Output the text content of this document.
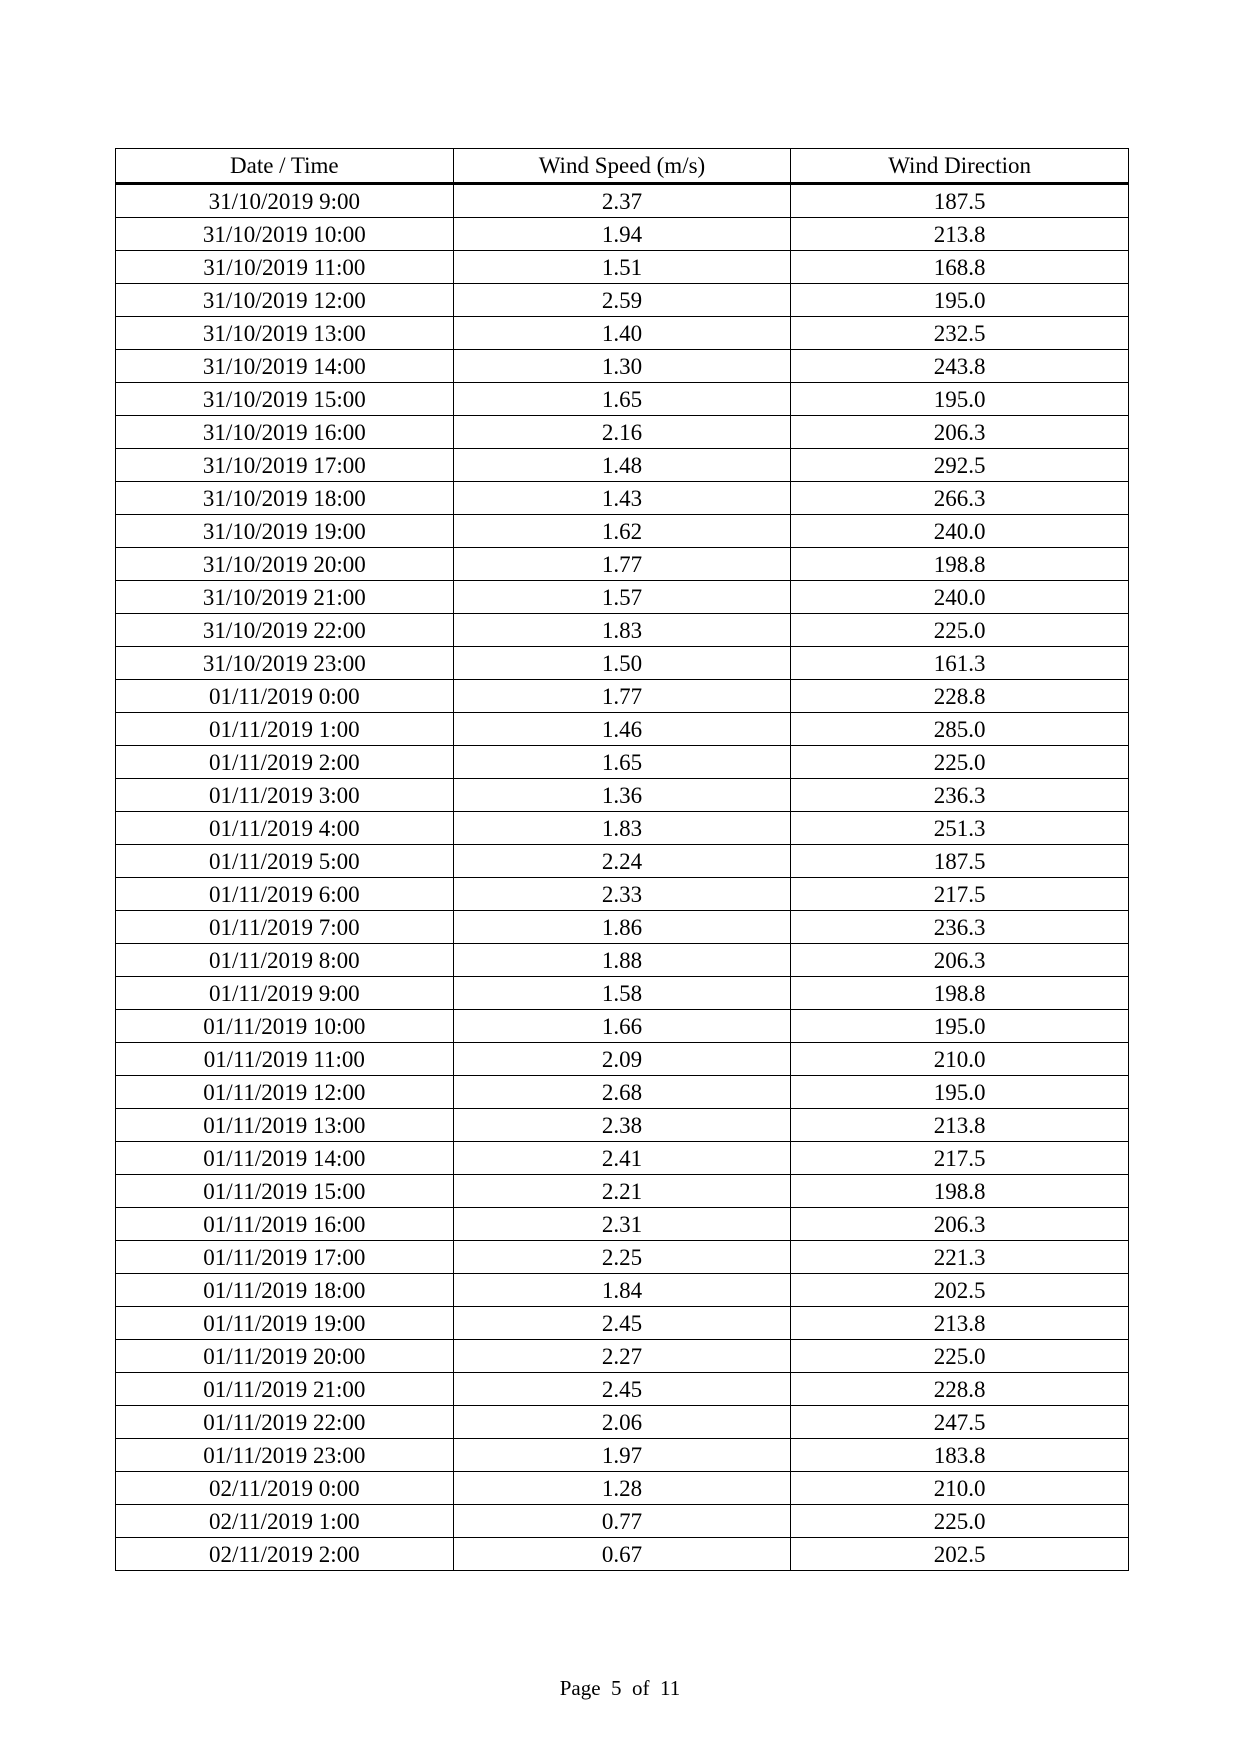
Date / Time	Wind Speed (m/s)	Wind Direction
31/10/2019 9:00	2.37	187.5
31/10/2019 10:00	1.94	213.8
31/10/2019 11:00	1.51	168.8
31/10/2019 12:00	2.59	195.0
31/10/2019 13:00	1.40	232.5
31/10/2019 14:00	1.30	243.8
31/10/2019 15:00	1.65	195.0
31/10/2019 16:00	2.16	206.3
31/10/2019 17:00	1.48	292.5
31/10/2019 18:00	1.43	266.3
31/10/2019 19:00	1.62	240.0
31/10/2019 20:00	1.77	198.8
31/10/2019 21:00	1.57	240.0
31/10/2019 22:00	1.83	225.0
31/10/2019 23:00	1.50	161.3
01/11/2019 0:00	1.77	228.8
01/11/2019 1:00	1.46	285.0
01/11/2019 2:00	1.65	225.0
01/11/2019 3:00	1.36	236.3
01/11/2019 4:00	1.83	251.3
01/11/2019 5:00	2.24	187.5
01/11/2019 6:00	2.33	217.5
01/11/2019 7:00	1.86	236.3
01/11/2019 8:00	1.88	206.3
01/11/2019 9:00	1.58	198.8
01/11/2019 10:00	1.66	195.0
01/11/2019 11:00	2.09	210.0
01/11/2019 12:00	2.68	195.0
01/11/2019 13:00	2.38	213.8
01/11/2019 14:00	2.41	217.5
01/11/2019 15:00	2.21	198.8
01/11/2019 16:00	2.31	206.3
01/11/2019 17:00	2.25	221.3
01/11/2019 18:00	1.84	202.5
01/11/2019 19:00	2.45	213.8
01/11/2019 20:00	2.27	225.0
01/11/2019 21:00	2.45	228.8
01/11/2019 22:00	2.06	247.5
01/11/2019 23:00	1.97	183.8
02/11/2019 0:00	1.28	210.0
02/11/2019 1:00	0.77	225.0
02/11/2019 2:00	0.67	202.5
Page 5 of 11
